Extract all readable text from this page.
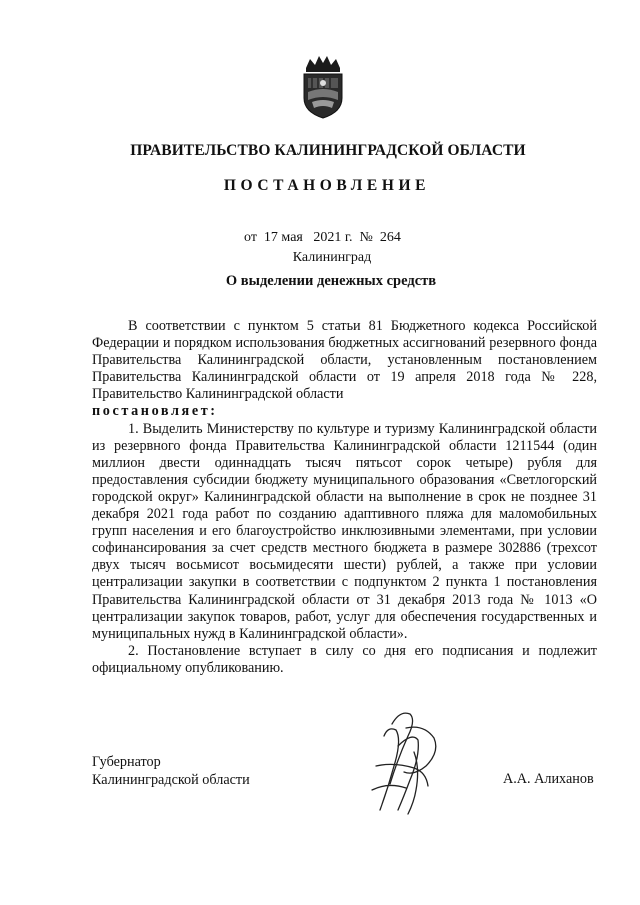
ПРАВИТЕЛЬСТВО КАЛИНИНГРАДСКОЙ ОБЛАСТИ
ПОСТАНОВЛЕНИЕ
от  17 мая   2021 г.  №  264
Калининград
О выделении денежных средств

В соответствии с пунктом 5 статьи 81 Бюджетного кодекса Российской Федерации и порядком использования бюджетных ассигнований резервного фонда Правительства Калининградской области, установленным постановлением Правительства Калининградской области от 19 апреля 2018 года № 228, Правительство Калининградской области

постановляет:

1. Выделить Министерству по культуре и туризму Калининградской области из резервного фонда Правительства Калининградской области 1211544 (один миллион двести одиннадцать тысяч пятьсот сорок четыре) рубля для предоставления субсидии бюджету муниципального образования «Светлогорский городской округ» Калининградской области на выполнение в срок не позднее 31 декабря 2021 года работ по созданию адаптивного пляжа для маломобильных групп населения и его благоустройство инклюзивными элементами, при условии софинансирования за счет средств местного бюджета в размере 302886 (трехсот двух тысяч восьмисот восьмидесяти шести) рублей, а также при условии централизации закупки в соответствии с подпунктом 2 пункта 1 постановления Правительства Калининградской области от 31 декабря 2013 года № 1013 «О централизации закупок товаров, работ, услуг для обеспечения государственных и муниципальных нужд в Калининградской области».

2. Постановление вступает в силу со дня его подписания и подлежит официальному опубликованию.

Губернатор
Калининградской области	А.А. Алиханов
